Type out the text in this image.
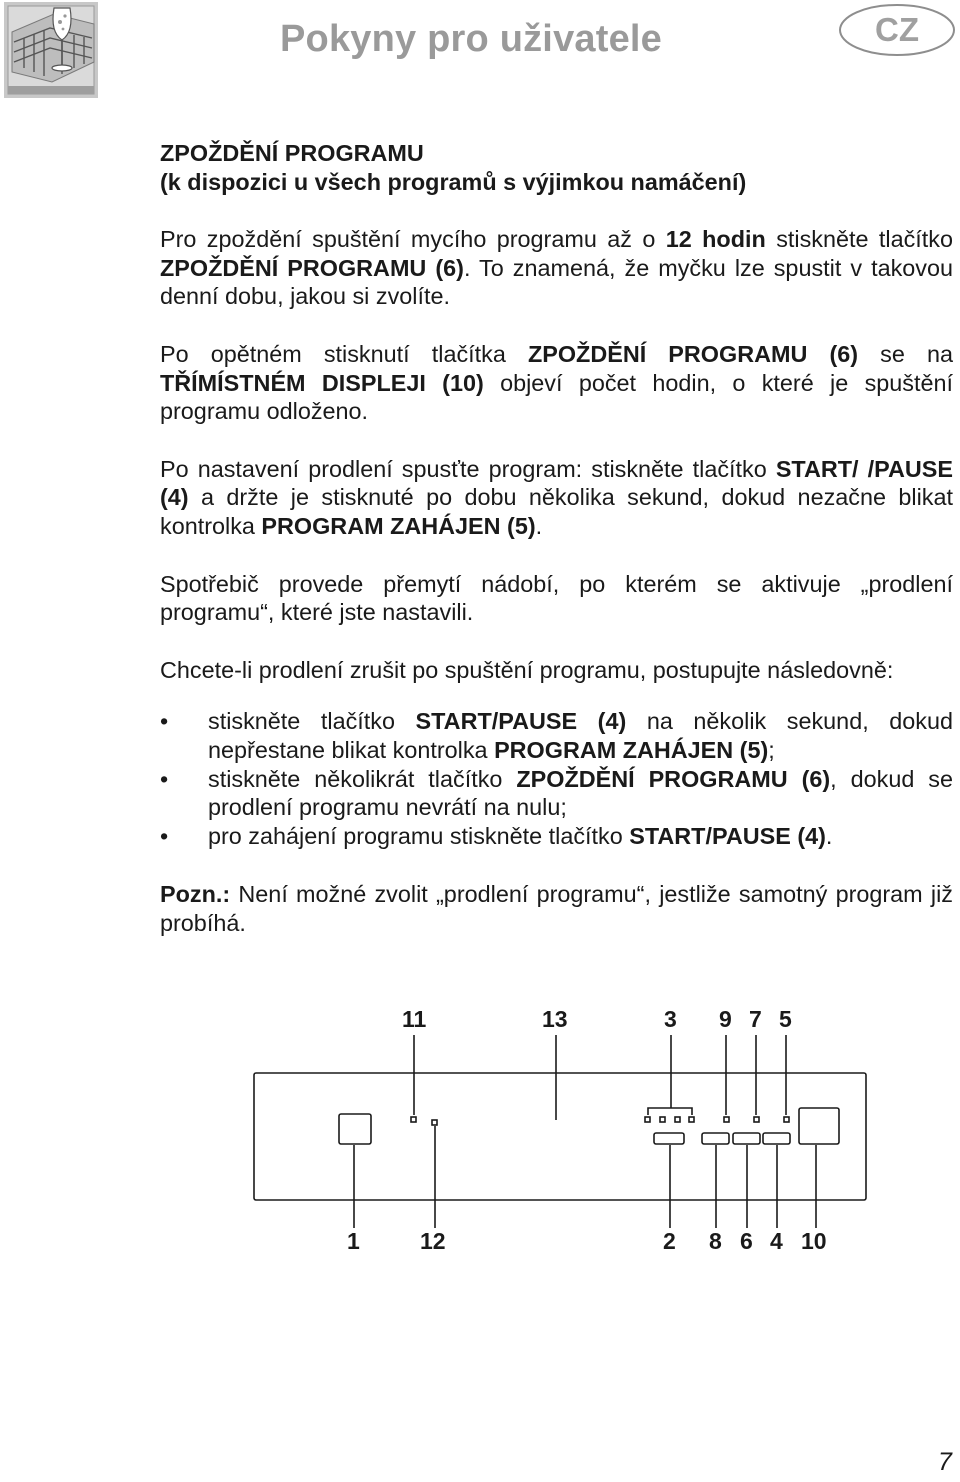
Pokyny pro uživatele	CZ
ZPOŽDĚNÍ PROGRAMU
(k dispozici u všech programů s výjimkou namáčení)

Pro zpoždění spuštění mycího programu až o 12 hodin stiskněte tlačítko ZPOŽDĚNÍ PROGRAMU (6). To znamená, že myčku lze spustit v takovou denní dobu, jakou si zvolíte.

Po opětném stisknutí tlačítka ZPOŽDĚNÍ PROGRAMU (6) se na TŘÍMÍSTNÉM DISPLEJI (10) objeví počet hodin, o které je spuštění programu odloženo.

Po nastavení prodlení spusťte program: stiskněte tlačítko START/ /PAUSE (4) a držte je stisknuté po dobu několika sekund, dokud nezačne blikat kontrolka PROGRAM ZAHÁJEN (5).

Spotřebič provede přemytí nádobí, po kterém se aktivuje „prodlení programu“, které jste nastavili.

Chcete-li prodlení zrušit po spuštění programu, postupujte následovně:

• stiskněte tlačítko START/PAUSE (4) na několik sekund, dokud nepřestane blikat kontrolka PROGRAM ZAHÁJEN (5);
• stiskněte několikrát tlačítko ZPOŽDĚNÍ PROGRAMU (6), dokud se prodlení programu nevrátí na nulu;
• pro zahájení programu stiskněte tlačítko START/PAUSE (4).

Pozn.: Není možné zvolit „prodlení programu“, jestliže samotný program již probíhá.

11	13	3 9 7 5
1	12	2 8 6 4 10
7
